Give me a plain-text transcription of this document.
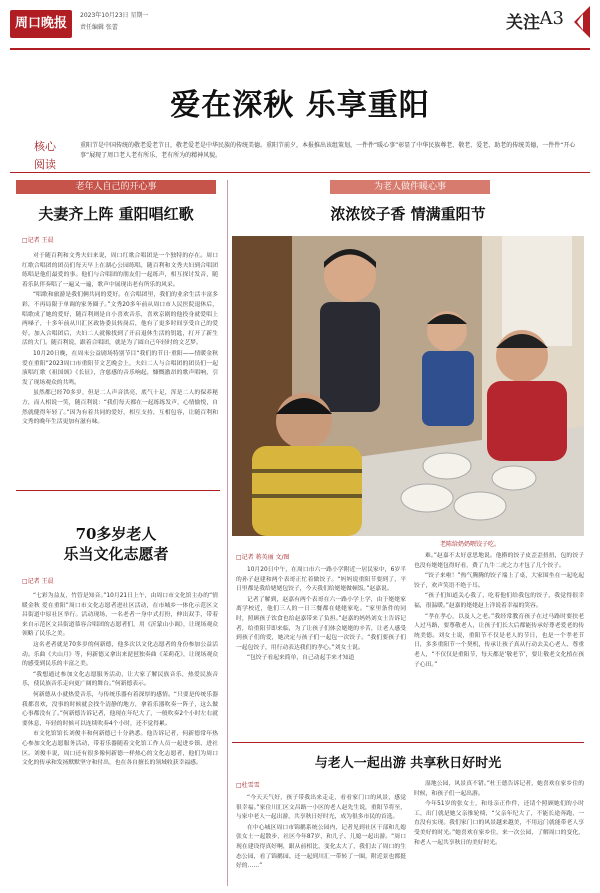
周口晚报
2023年10月23日 星期一
责任编辑 张蕾	关注 A3
爱在深秋 乐享重阳
核心阅读
重阳节是中国传统的敬老爱老节日，敬老爱老是中华民族的传统美德。重阳节前夕，本报推出该组策划，一件件“暖心事”彰显了中华民族尊老、敬老、爱老、助老的传统美德，一件件“开心事”展现了周口老人老有所乐、老有所为的精神风貌。
老年人自己的开心事
夫妻齐上阵 重阳唱红歌
□记者 王晨

对于随百利和文秀夫妇来说，周口红歌合唱团是一个独特的存在。周口红歌合唱团的团员们每天早上在湖心公园练唱，随百利和文秀夫妇到合唱团练唱是他们最爱的事。他们与合唱团的朋友们一起练声，相互探讨发音，随着乐队伴奏唱了一遍又一遍，歌声中展现出老有所乐的风采。

“唱歌和旅游是我们俩共同的爱好。在合唱团里，我们的业余生活丰富多彩，不再局限于单调的家务圈子。”文秀20多年前从周口市人民医院退休后，唱歌成了她的爱好，随百利则是自小喜欢音乐，喜欢京剧的他投身就爱唱上两嗓子，十多年前从川汇区政协委员转岗后，他有了更多时间享受自己的爱好。加入合唱团后，夫妇二人就像找到了开启退休生活的钥匙，打开了新生活的大门。随百利说，跟着合唱团，就是为了圆自己年轻时的文艺梦。

10月20日晚，在周末公益剧场特别节目“我们的节日·重阳——情暖金秋 爱在重阳”2023周口市重阳节文艺晚会上，夫妇二人与合唱团的团员们一起演唱红歌《祖国颂》《长征》，含慈感的音乐响起，慷慨激昂的歌声唱响，引发了现场观众的共鸣。

虽然都已经70多岁，但是二人声音洪亮，底气十足，浑是二人的保养秘方，而人相说一笑，随百利说：“我们每天都在一起练练发声，心情愉悦，自然就健得年轻了。”因为有着共同的爱好，相互支持，互相包容，让随百利和文秀的晚年生活更加有滋有味。

70多岁老人
乐当文化志愿者
□记者 王晨

“七彩为益友，竹管是知音。”10月21日上午，由周口市文化馆主办的“情暖金秋 爱在重阳”周口市文化志愿者进社区活动，在市城乡一体化示范区文昌街道中原社区举行。活动现场，一名老者一身中式打扮，伸出双手，带着来自示范区文昌街道慕容合唱团的志愿者们，用《沂蒙山小调》，让现场观众领略了民乐之美。

这名老者就是70多岁的何新德，他多次以文化志愿者的身份参加公益活动。乐曲《夫山月》等，何新德又拿出来琵琶独奏曲《茉莉花》，让现场观众的感受到民乐的丰富之美。

“我想通过参加文化志愿服务活动，让大家了解民族音乐，热爱民族音乐，使民族音乐走向更广阔的舞台。”何新德表示。

何新德从小就热爱音乐，与传统乐器有着深厚的感情。“只要是传统乐器我都喜欢，没事的时候就会找个清静的地方，拿着乐器吹奏一阵子，这么做心事都没有了。”何新德告诉记者，他现在年纪大了，一般吹奏2个小时左右就要休息，年轻的时候可以连续吹奏4个小时，还不觉得累。

市文化馆馆长刘俊丰和何新德已十分熟悉。他告诉记者，何新德常年热心参加文化志愿服务活动，带着乐器随着文化馆工作人员一起进乡镇、进社区。刘俊丰说，周口还有很多像何新德一样热心的文化志愿者，他们为周口文化的传承和发扬默默坚守和付出，也在各自擅长的领域收获幸福感。

为老人做件暖心事
浓浓饺子香 情满重阳节
老陈给奶奶喂饺子吃。
□记者 蒋英丽 文/图

10月20日中午，在周口市六一路小学附近一居民家中，6岁半的孙子赵建和两个表哥正忙着做饺子。“妈妈说重阳节要到了，平日里都是我给姥姥包饺子，今天我们给姥姥做顿饭。”赵嘉说。

记者了解到，赵嘉有两个表哥在六一路小学上学，由于姥姥家离学校近，他们三人的一日三餐都在姥姥家吃。“家里条件的同时，照顾孩子饮食也给赵嘉带来了负担。”赵嘉的妈妈刘女士告诉记者，给重阳节即来临，为了让孩子们体会姥姥的辛苦，让老人感受到孩子们的爱，她决定与孩子们一起包一次饺子。“我们要孩子们一起包饺子，用行动表达我们的孝心。”刘女士说。

“包饺子看起来简单，自己动起手来才知道

难。”赵嘉不太好意思地说。他擀的饺子皮歪歪扭扭，包的饺子也没有姥姥包得好看，费了九牛二虎之力才包了几个饺子。

“饺子来啦！”热气腾腾的饺子端上了桌，大家围坐在一起吃起饺子，欢声笑语不绝于耳。

“孩子们知道关心我了，吃着他们给我包的饺子，我觉得很幸福，很温暖。”赵嘉的姥姥赵上洋说着幸福的笑容。

“孝在孝心，以及人之老。”我经常教育孩子在过马路时要扶老人过马路，要尊敬老人，让孩子们长大后都能传承好尊老爱老的传统美德。刘女士说，重阳节不仅是老人的节日，也是一个孝老节日，多多重阳节一个契机，传承让孩子真从行动去关心老人、尊重老人，“不仅仅是重阳节，每天都是‘敬老节’，要让敬老文化植在孩子心田。”

与老人一起出游 共享秋日好时光
□杜雪雪

“今天天气好，孩子带我出来走走，看看家门口的风景，感觉很幸福。”家住川汇区文昌路一小区的老人赵先生说，重阳节将至，与家中老人一起出游，共享秋日好时光，成为很多市民的首选。

在中心城区周口市锦鹅系统公园内，记者见到社区干部和儿媳张女士一起散步，社区今年87岁，和儿子、儿媳一起出游。“周口现在建设得真好啊，跟从前相比，变化太大了，我们去了周口的生态公园，看了锦鹅园、还一起到川汇一带转了一圈，附近景也都挺好的……”

湿地公园，风景真不错。”杜王德告诉记者，她喜欢在家乡住的时候，和孩子们一起出游。

今年51岁的张女士，和母亲正作件，还请个照顾她们的小时工，出门就是她父亲推轮椅，“父亲年纪大了，不能长途奔跑，一直没有实现。我们家门口的风景越来越美，不用远门就能带老人享受美好的时光。”她喜欢在家乡住，来一次公园，了解周口的变化，和老人一起共享秋日的美好时光。
